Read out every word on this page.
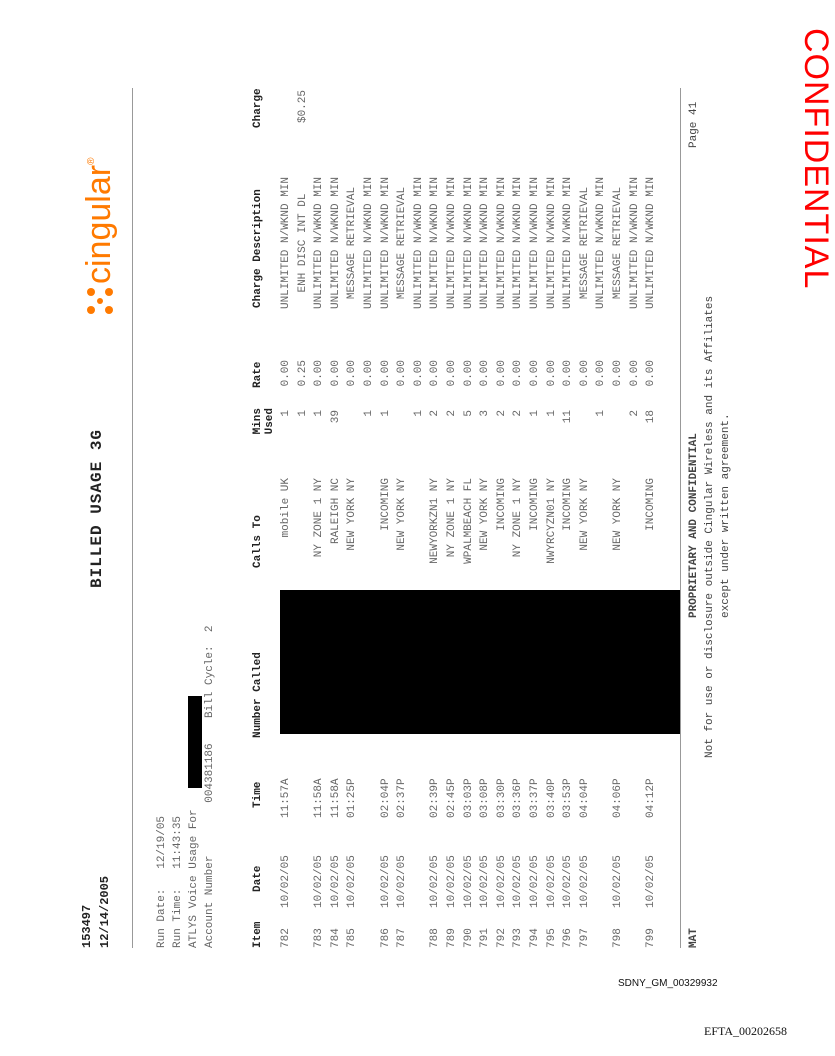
153497 12/14/2005
BILLED USAGE 3G
cingular
®
Run Date:   12/19/05 Run Time:   11:43:35 ATLYS Voice Usage For Account Number        004381186
Bill Cycle:  2
Item
Date
Time
Number Called
Calls To
Mins Used
Rate
Charge Description
Charge
782
10/02/05
11:57A
mobile UK
1
0.00
UNLIMITED N/WKND MIN
1
0.25
ENH DISC INT DL
$0.25
783
10/02/05
11:58A
NY ZONE 1 NY
1
0.00
UNLIMITED N/WKND MIN
784
10/02/05
11:58A
RALEIGH NC
39
0.00
UNLIMITED N/WKND MIN
785
10/02/05
01:25P
NEW YORK NY
0.00
MESSAGE RETRIEVAL
1
0.00
UNLIMITED N/WKND MIN
786
10/02/05
02:04P
INCOMING
1
0.00
UNLIMITED N/WKND MIN
787
10/02/05
02:37P
NEW YORK NY
0.00
MESSAGE RETRIEVAL
1
0.00
UNLIMITED N/WKND MIN
788
10/02/05
02:39P
NEWYORKZN1 NY
2
0.00
UNLIMITED N/WKND MIN
789
10/02/05
02:45P
NY ZONE 1 NY
2
0.00
UNLIMITED N/WKND MIN
790
10/02/05
03:03P
WPALMBEACH FL
5
0.00
UNLIMITED N/WKND MIN
791
10/02/05
03:08P
NEW YORK NY
3
0.00
UNLIMITED N/WKND MIN
792
10/02/05
03:30P
INCOMING
2
0.00
UNLIMITED N/WKND MIN
793
10/02/05
03:36P
NY ZONE 1 NY
2
0.00
UNLIMITED N/WKND MIN
794
10/02/05
03:37P
INCOMING
1
0.00
UNLIMITED N/WKND MIN
795
10/02/05
03:40P
NWYRCYZN01 NY
1
0.00
UNLIMITED N/WKND MIN
796
10/02/05
03:53P
INCOMING
11
0.00
UNLIMITED N/WKND MIN
797
10/02/05
04:04P
NEW YORK NY
0.00
MESSAGE RETRIEVAL
1
0.00
UNLIMITED N/WKND MIN
798
10/02/05
04:06P
NEW YORK NY
0.00
MESSAGE RETRIEVAL
2
0.00
UNLIMITED N/WKND MIN
799
10/02/05
04:12P
INCOMING
18
0.00
UNLIMITED N/WKND MIN
MAT
PROPRIETARY AND CONFIDENTIAL Not for use or disclosure outside Cingular Wireless and its Affiliates except under written agreement.
Page 41	CONFIDENTIAL
SDNY_GM_00329932
EFTA_00202658
